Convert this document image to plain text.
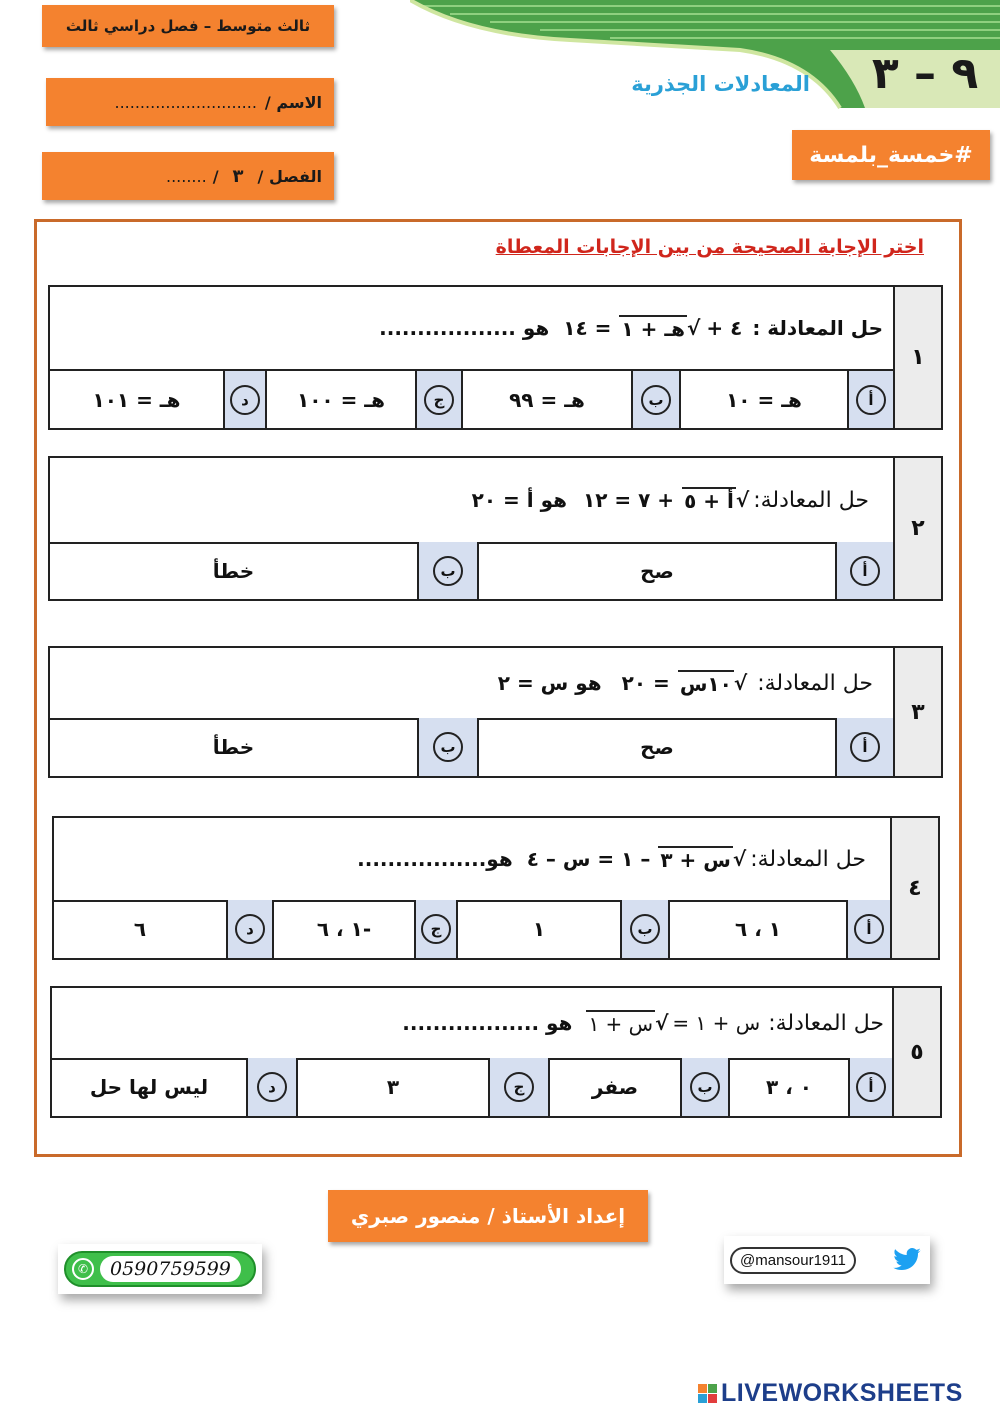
٩ – ٣
المعادلات الجذرية
#خمسة_بلمسة
ثالث متوسط – فصل دراسي ثالث
الاسم /
............................
الفصل /
٣
/
........
اختر الإجابة الصحيحة من بين الإجابات المعطاة
١
حل المعادلة :
٤ +
√
هـ + ١
= ١٤
هو ..................
أ
هـ = ١٠
ب
هـ = ٩٩
ج
هـ = ١٠٠
د
هـ = ١٠١
٢
حل المعادلة:
√
أ + ٥
+ ٧ = ١٢
هو أ = ٢٠
أ
صح
ب
خطأ
٣
حل المعادلة:
√
١٠س
= ٢٠
هو س = ٢
أ
صح
ب
خطأ
٤
حل المعادلة:
√
س + ٣
– ١ = س – ٤
هو.................
أ
١ ، ٦
ب
١
ج
-١ ، ٦
د
٦
٥
حل المعادلة:
س + ١ =
√
س + ١
هو ..................
أ
٠ ، ٣
ب
صفر
ج
٣
د
ليس لها حل
إعداد الأستاذ / منصور صبري
✆	0590759599	@mansour1911
LIVEWORKSHEETS
